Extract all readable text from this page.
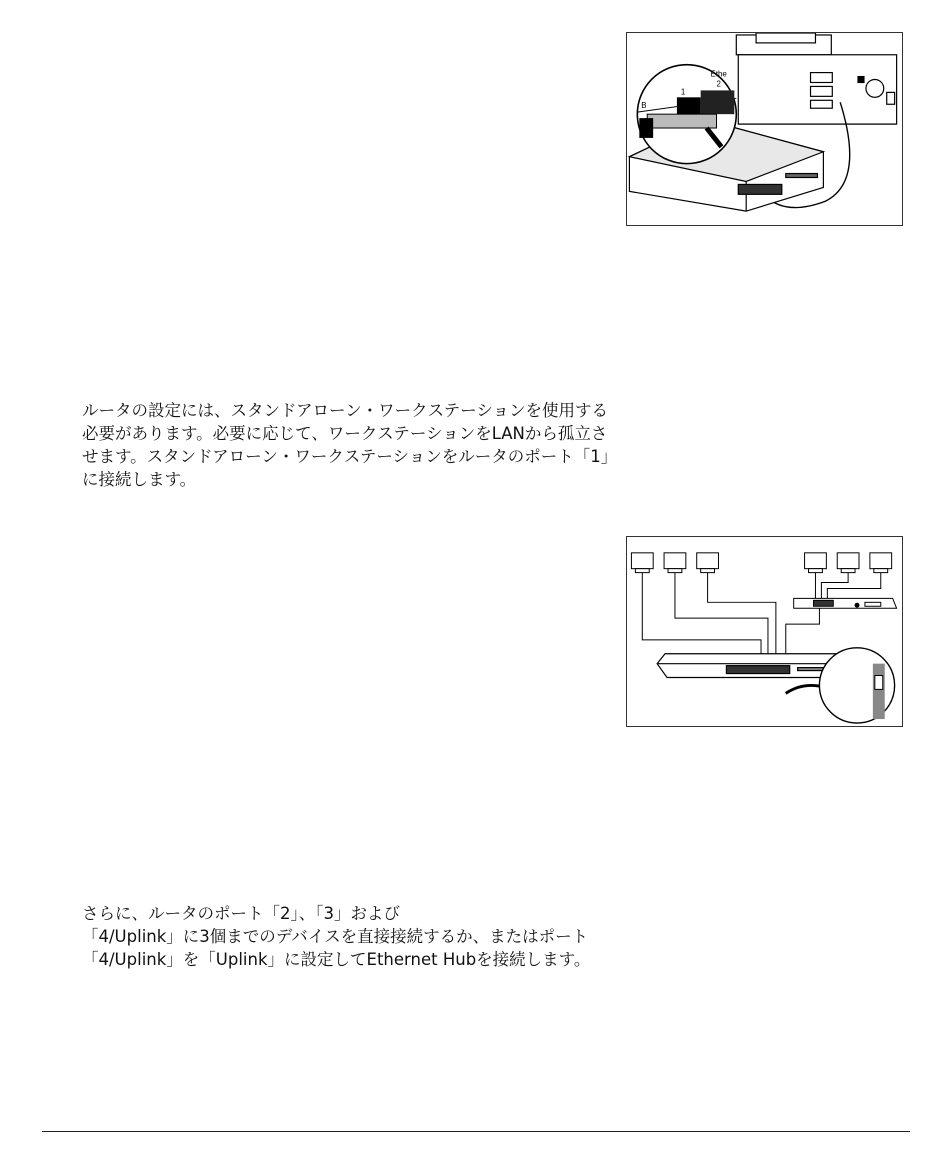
Ethe
1
2
B

ルータの設定には、スタンドアローン・ワークステーションを使用する

必要があります。必要に応じて、ワークステーションをLANから孤立さ

せます。スタンドアローン・ワークステーションをルータのポート「1」

に接続します。

さらに、ルータのポート「2」、「3」および

「4/Uplink」に3個までのデバイスを直接接続するか、またはポート

「4/Uplink」を「Uplink」に設定してEthernet Hubを接続します。
